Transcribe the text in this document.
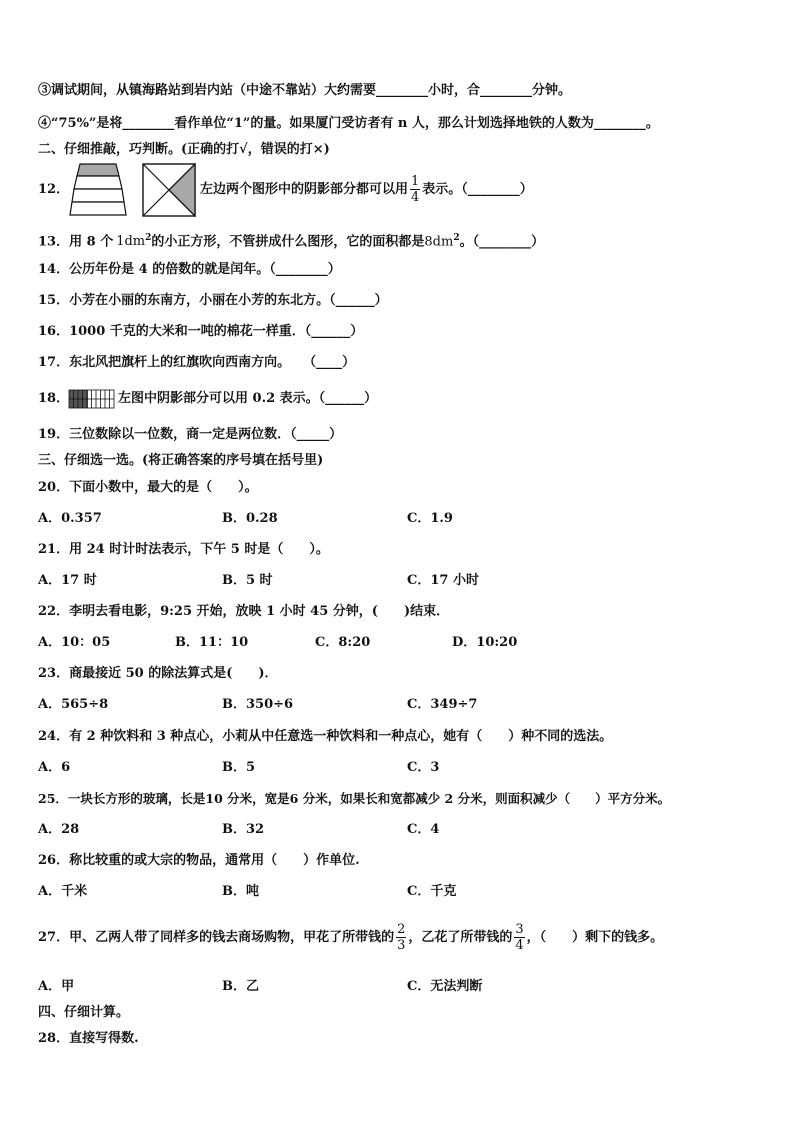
③调试期间，从镇海路站到岩内站（中途不靠站）大约需要________小时，合________分钟。
④“75%”是将________看作单位“1”的量。如果厦门受访者有 n 人，那么计划选择地铁的人数为________。
二、仔细推敲，巧判断。(正确的打√，错误的打×)
12．	左边两个图形中的阴影部分都可以用 $\frac{1}{4}$ 表示。（________）
13．用 8 个 $1dm^2$的小正方形，不管拼成什么图形，它的面积都是$8dm^2$。（________）
14．公历年份是 4 的倍数的就是闰年。（________）
15．小芳在小丽的东南方，小丽在小芳的东北方。（______）
16．1000 千克的大米和一吨的棉花一样重．（______）
17．东北风把旗杆上的红旗吹向西南方向。　　（____）
18．	左图中阴影部分可以用 0.2 表示。（______）
19．三位数除以一位数，商一定是两位数．（_____）
三、仔细选一选。(将正确答案的序号填在括号里)
20．下面小数中，最大的是（　　）。
A．0.357	B．0.28	C．1.9
21．用 24 时计时法表示，下午 5 时是（　　）。
A．17 时	B．5 时	C．17 小时
22．李明去看电影，9:25 开始，放映 1 小时 45 分钟，(　　)结束．
A．10：05	B．11：10	C．8:20	D．10:20
23．商最接近 50 的除法算式是(　　)．
A．565÷8	B．350÷6	C．349÷7
24．有 2 种饮料和 3 种点心，小莉从中任意选一种饮料和一种点心，她有（　　）种不同的选法。
A．6	B．5	C．3
25．一块长方形的玻璃，长是10 分米，宽是6 分米，如果长和宽都减少 2 分米，则面积减少（　　）平方分米。
A．28	B．32	C．4
26．称比较重的或大宗的物品，通常用（　　）作单位.
A．千米	B．吨	C．千克
27．甲、乙两人带了同样多的钱去商场购物，甲花了所带钱的 $\frac{2}{3}$ ，乙花了所带钱的 $\frac{3}{4}$ ，（　　）剩下的钱多。
A．甲	B．乙	C．无法判断
四、仔细计算。
28．直接写得数.
